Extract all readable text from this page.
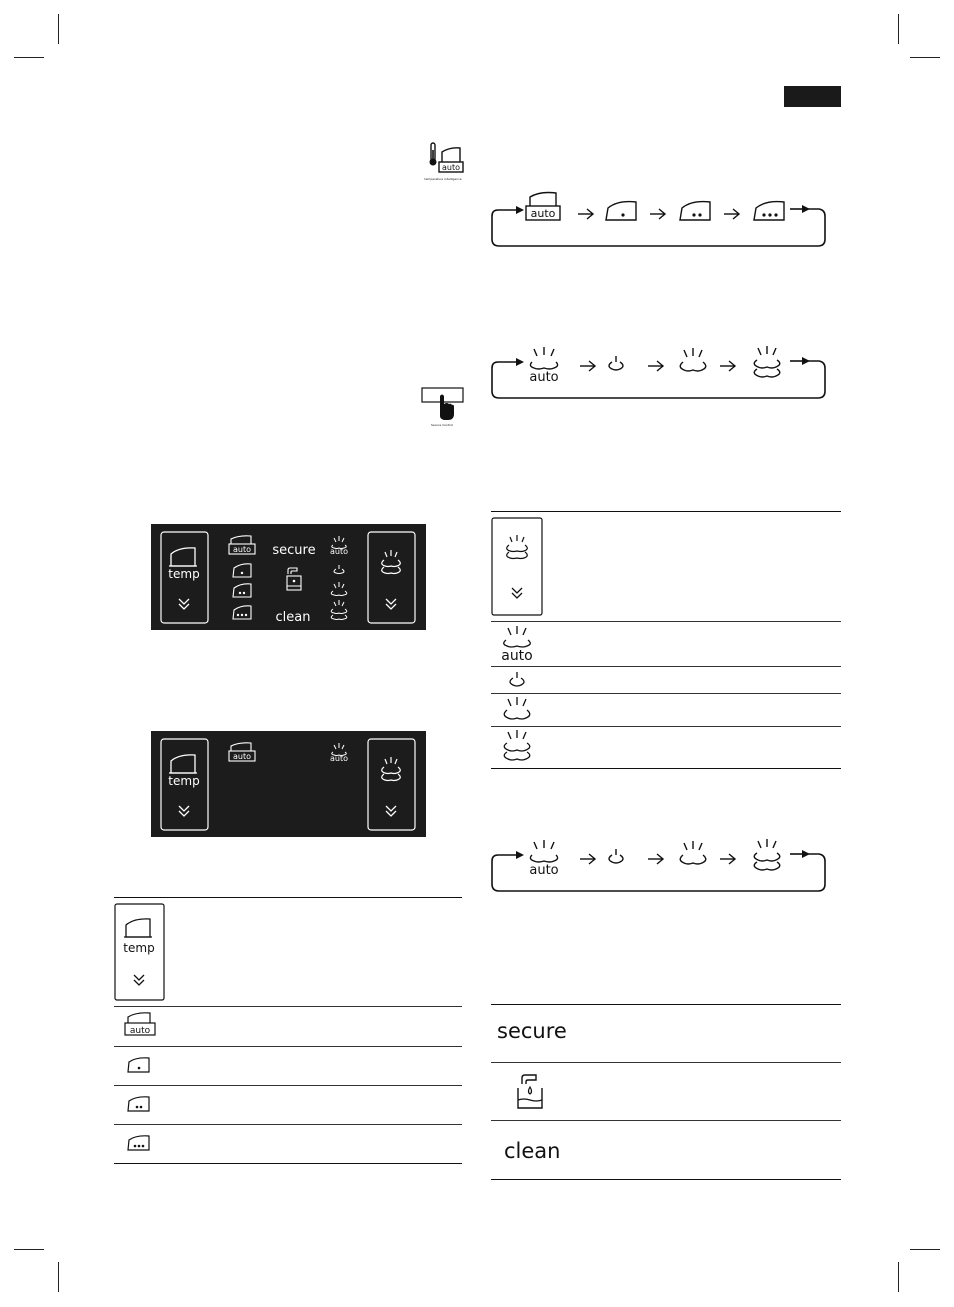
auto
temperature intelligence
Secure Control
auto
auto
auto
temp
auto secure
clean
auto
temp
auto	auto
temp
auto
auto
secure
clean
